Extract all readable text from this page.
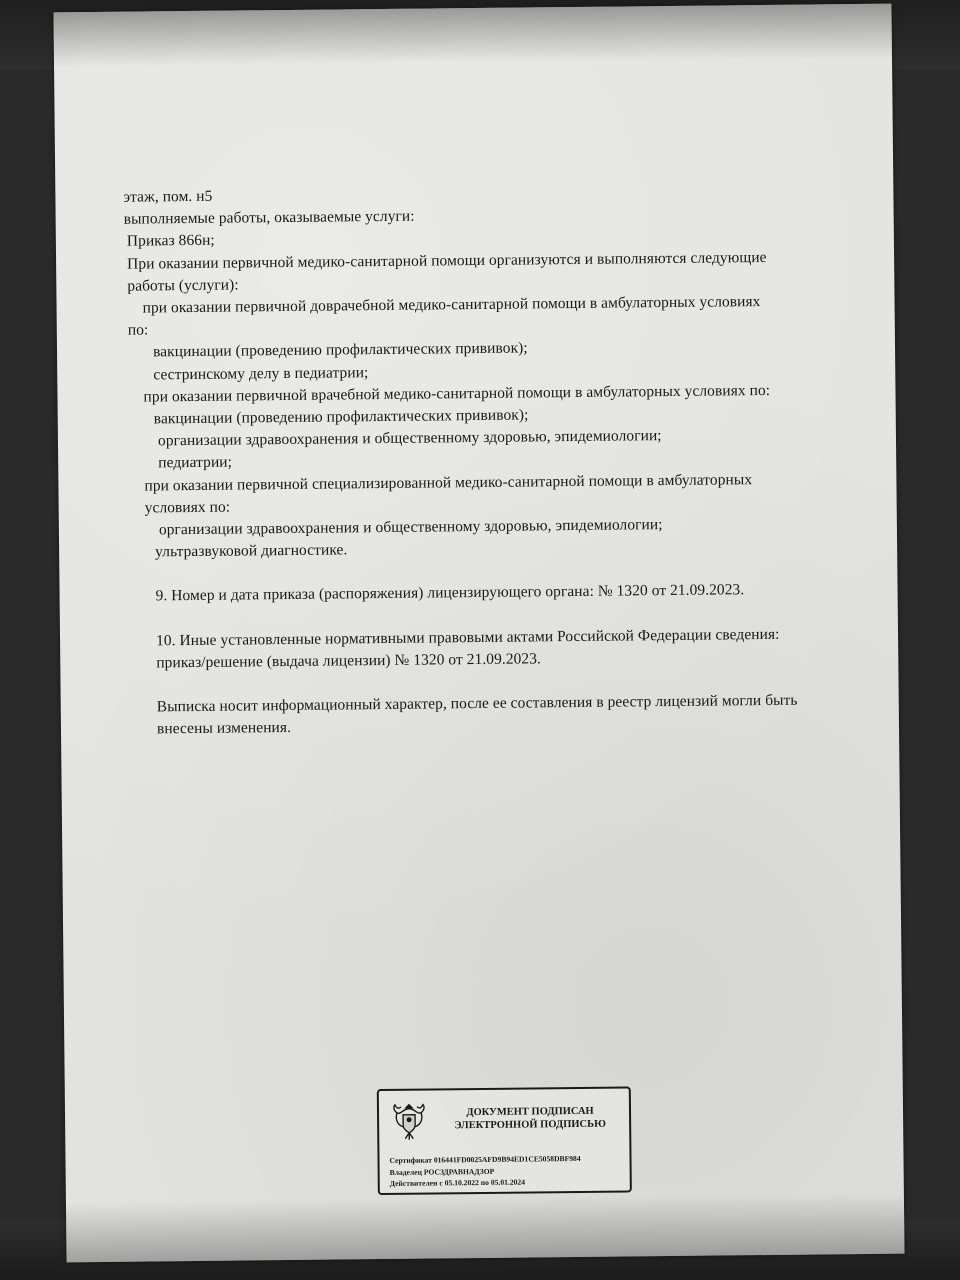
этаж, пом. н5

выполняемые работы, оказываемые услуги:

Приказ 866н;

При оказании первичной медико-санитарной помощи организуются и выполняются следующие

работы (услуги):

при оказании первичной доврачебной медико-санитарной помощи в амбулаторных условиях

по:

вакцинации (проведению профилактических прививок);

сестринскому делу в педиатрии;

при оказании первичной врачебной медико-санитарной помощи в амбулаторных условиях по:

вакцинации (проведению профилактических прививок);

организации здравоохранения и общественному здоровью, эпидемиологии;

педиатрии;

при оказании первичной специализированной медико-санитарной помощи в амбулаторных

условиях по:

организации здравоохранения и общественному здоровью, эпидемиологии;

ультразвуковой диагностике.

9. Номер и дата приказа (распоряжения) лицензирующего органа: № 1320 от 21.09.2023.

10. Иные установленные нормативными правовыми актами Российской Федерации сведения:

приказ/решение (выдача лицензии) № 1320 от 21.09.2023.

Выписка носит информационный характер, после ее составления в реестр лицензий могли быть

внесены изменения.

ДОКУМЕНТ ПОДПИСАН
ЭЛЕКТРОННОЙ ПОДПИСЬЮ
Сертификат 016441FD0025AFD9B94ED1CE5058DBF984
Владелец РОСЗДРАВНАДЗОР
Действителен с 05.10.2022 по 05.01.2024
